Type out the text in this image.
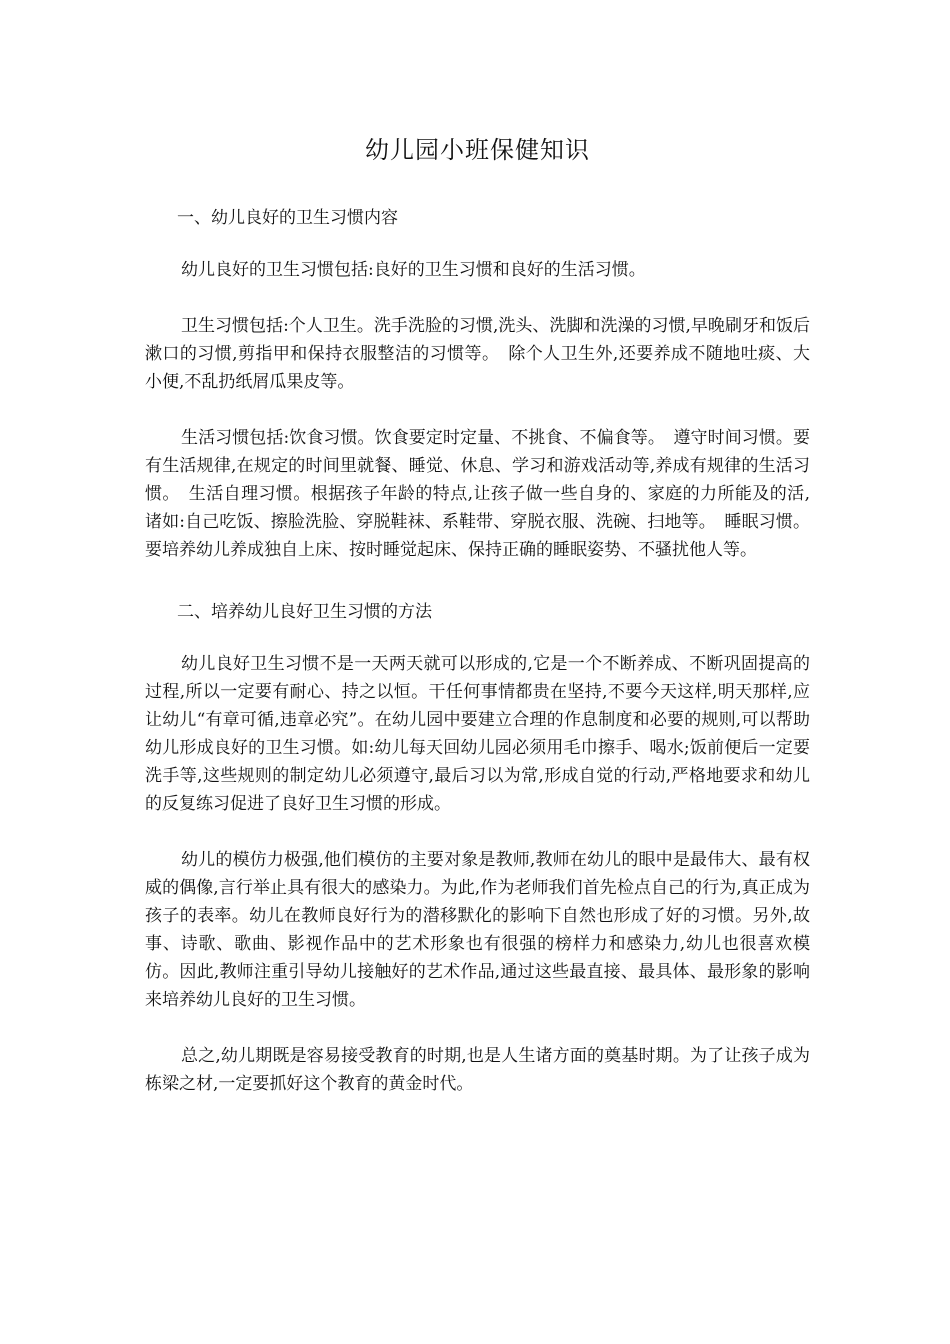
幼儿园小班保健知识

一、幼儿良好的卫生习惯内容

幼儿良好的卫生习惯包括:良好的卫生习惯和良好的生活习惯。

卫生习惯包括:个人卫生。洗手洗脸的习惯,洗头、洗脚和洗澡的习惯,早晚刷牙和饭后漱口的习惯,剪指甲和保持衣服整洁的习惯等。　除个人卫生外,还要养成不随地吐痰、大小便,不乱扔纸屑瓜果皮等。

生活习惯包括:饮食习惯。饮食要定时定量、不挑食、不偏食等。　遵守时间习惯。要有生活规律,在规定的时间里就餐、睡觉、休息、学习和游戏活动等,养成有规律的生活习惯。　生活自理习惯。根据孩子年龄的特点,让孩子做一些自身的、家庭的力所能及的活,诸如:自己吃饭、擦脸洗脸、穿脱鞋袜、系鞋带、穿脱衣服、洗碗、扫地等。　睡眠习惯。要培养幼儿养成独自上床、按时睡觉起床、保持正确的睡眠姿势、不骚扰他人等。

二、培养幼儿良好卫生习惯的方法

幼儿良好卫生习惯不是一天两天就可以形成的,它是一个不断养成、不断巩固提高的过程,所以一定要有耐心、持之以恒。干任何事情都贵在坚持,不要今天这样,明天那样,应让幼儿“有章可循,违章必究”。在幼儿园中要建立合理的作息制度和必要的规则,可以帮助幼儿形成良好的卫生习惯。如:幼儿每天回幼儿园必须用毛巾擦手、喝水;饭前便后一定要洗手等,这些规则的制定幼儿必须遵守,最后习以为常,形成自觉的行动,严格地要求和幼儿的反复练习促进了良好卫生习惯的形成。

幼儿的模仿力极强,他们模仿的主要对象是教师,教师在幼儿的眼中是最伟大、最有权威的偶像,言行举止具有很大的感染力。为此,作为老师我们首先检点自己的行为,真正成为孩子的表率。幼儿在教师良好行为的潜移默化的影响下自然也形成了好的习惯。另外,故事、诗歌、歌曲、影视作品中的艺术形象也有很强的榜样力和感染力,幼儿也很喜欢模仿。因此,教师注重引导幼儿接触好的艺术作品,通过这些最直接、最具体、最形象的影响来培养幼儿良好的卫生习惯。

总之,幼儿期既是容易接受教育的时期,也是人生诸方面的奠基时期。为了让孩子成为栋梁之材,一定要抓好这个教育的黄金时代。
